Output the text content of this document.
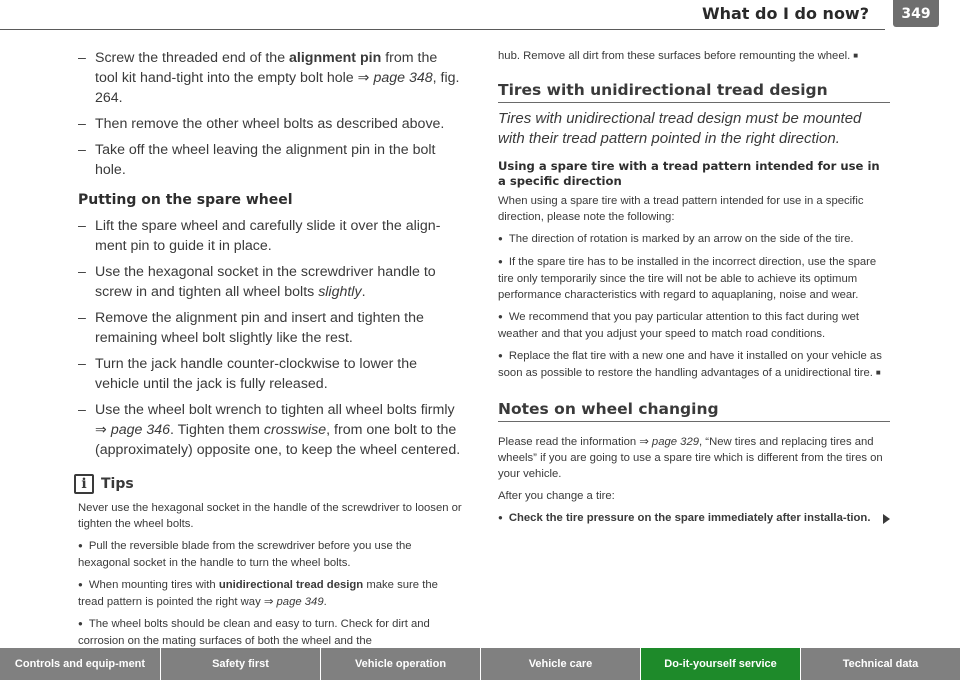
What do I do now?	349

– Screw the threaded end of the alignment pin from the tool kit hand-tight into the empty bolt hole ⇒ page 348, fig. 264.

– Then remove the other wheel bolts as described above.

– Take off the wheel leaving the alignment pin in the bolt hole.

Putting on the spare wheel

– Lift the spare wheel and carefully slide it over the align-ment pin to guide it in place.

– Use the hexagonal socket in the screwdriver handle to screw in and tighten all wheel bolts slightly.

– Remove the alignment pin and insert and tighten the remaining wheel bolt slightly like the rest.

– Turn the jack handle counter-clockwise to lower the vehicle until the jack is fully released.

– Use the wheel bolt wrench to tighten all wheel bolts firmly ⇒ page 346. Tighten them crosswise, from one bolt to the (approximately) opposite one, to keep the wheel centered.

i	Tips

Never use the hexagonal socket in the handle of the screwdriver to loosen or tighten the wheel bolts.

● Pull the reversible blade from the screwdriver before you use the hexagonal socket in the handle to turn the wheel bolts.

● When mounting tires with unidirectional tread design make sure the tread pattern is pointed the right way ⇒ page 349.

● The wheel bolts should be clean and easy to turn. Check for dirt and corrosion on the mating surfaces of both the wheel and the

hub. Remove all dirt from these surfaces before remounting the wheel. ■

Tires with unidirectional tread design

Tires with unidirectional tread design must be mounted with their tread pattern pointed in the right direction.

Using a spare tire with a tread pattern intended for use in a specific direction

When using a spare tire with a tread pattern intended for use in a specific direction, please note the following:

● The direction of rotation is marked by an arrow on the side of the tire.

● If the spare tire has to be installed in the incorrect direction, use the spare tire only temporarily since the tire will not be able to achieve its optimum performance characteristics with regard to aquaplaning, noise and wear.

● We recommend that you pay particular attention to this fact during wet weather and that you adjust your speed to match road conditions.

● Replace the flat tire with a new one and have it installed on your vehicle as soon as possible to restore the handling advantages of a unidirectional tire. ■

Notes on wheel changing

Please read the information ⇒ page 329, “New tires and replacing tires and wheels” if you are going to use a spare tire which is different from the tires on your vehicle.

After you change a tire:

● Check the tire pressure on the spare immediately after installa-tion.

Controls and equip-ment	Safety first	Vehicle operation	Vehicle care	Do-it-yourself service	Technical data
